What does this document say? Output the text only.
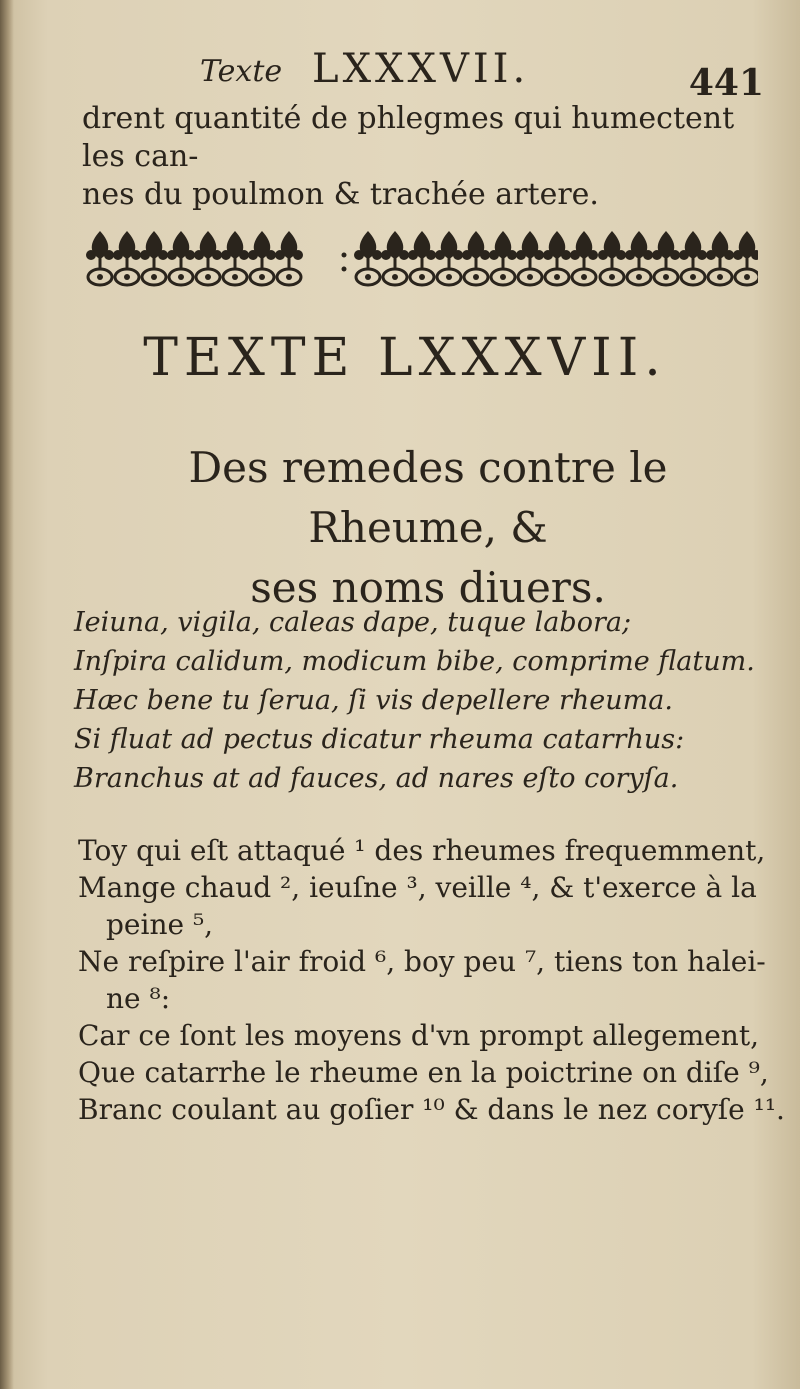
Texte LXXXVII.	441
drent quantité de phlegmes qui humectent les can-
nes du poulmon & trachée artere.
TEXTE LXXXVII.
Des remedes contre le Rheume, &
ses noms diuers.
Ieiuna, vigila, caleas dape, tuque labora;
Inſpira calidum, modicum bibe, comprime flatum.
Hæc bene tu ſerua, ſi vis depellere rheuma.
Si fluat ad pectus dicatur rheuma catarrhus:
Branchus at ad fauces, ad nares eſto coryſa.
Toy qui eſt attaqué ¹ des rheumes frequemment,
Mange chaud ², ieuſne ³, veille ⁴, & t'exerce à la
peine ⁵,
Ne reſpire l'air froid ⁶, boy peu ⁷, tiens ton halei-
ne ⁸:
Car ce ſont les moyens d'vn prompt allegement,
Que catarrhe le rheume en la poictrine on diſe ⁹,
Branc coulant au goſier ¹⁰ & dans le nez coryſe ¹¹.
